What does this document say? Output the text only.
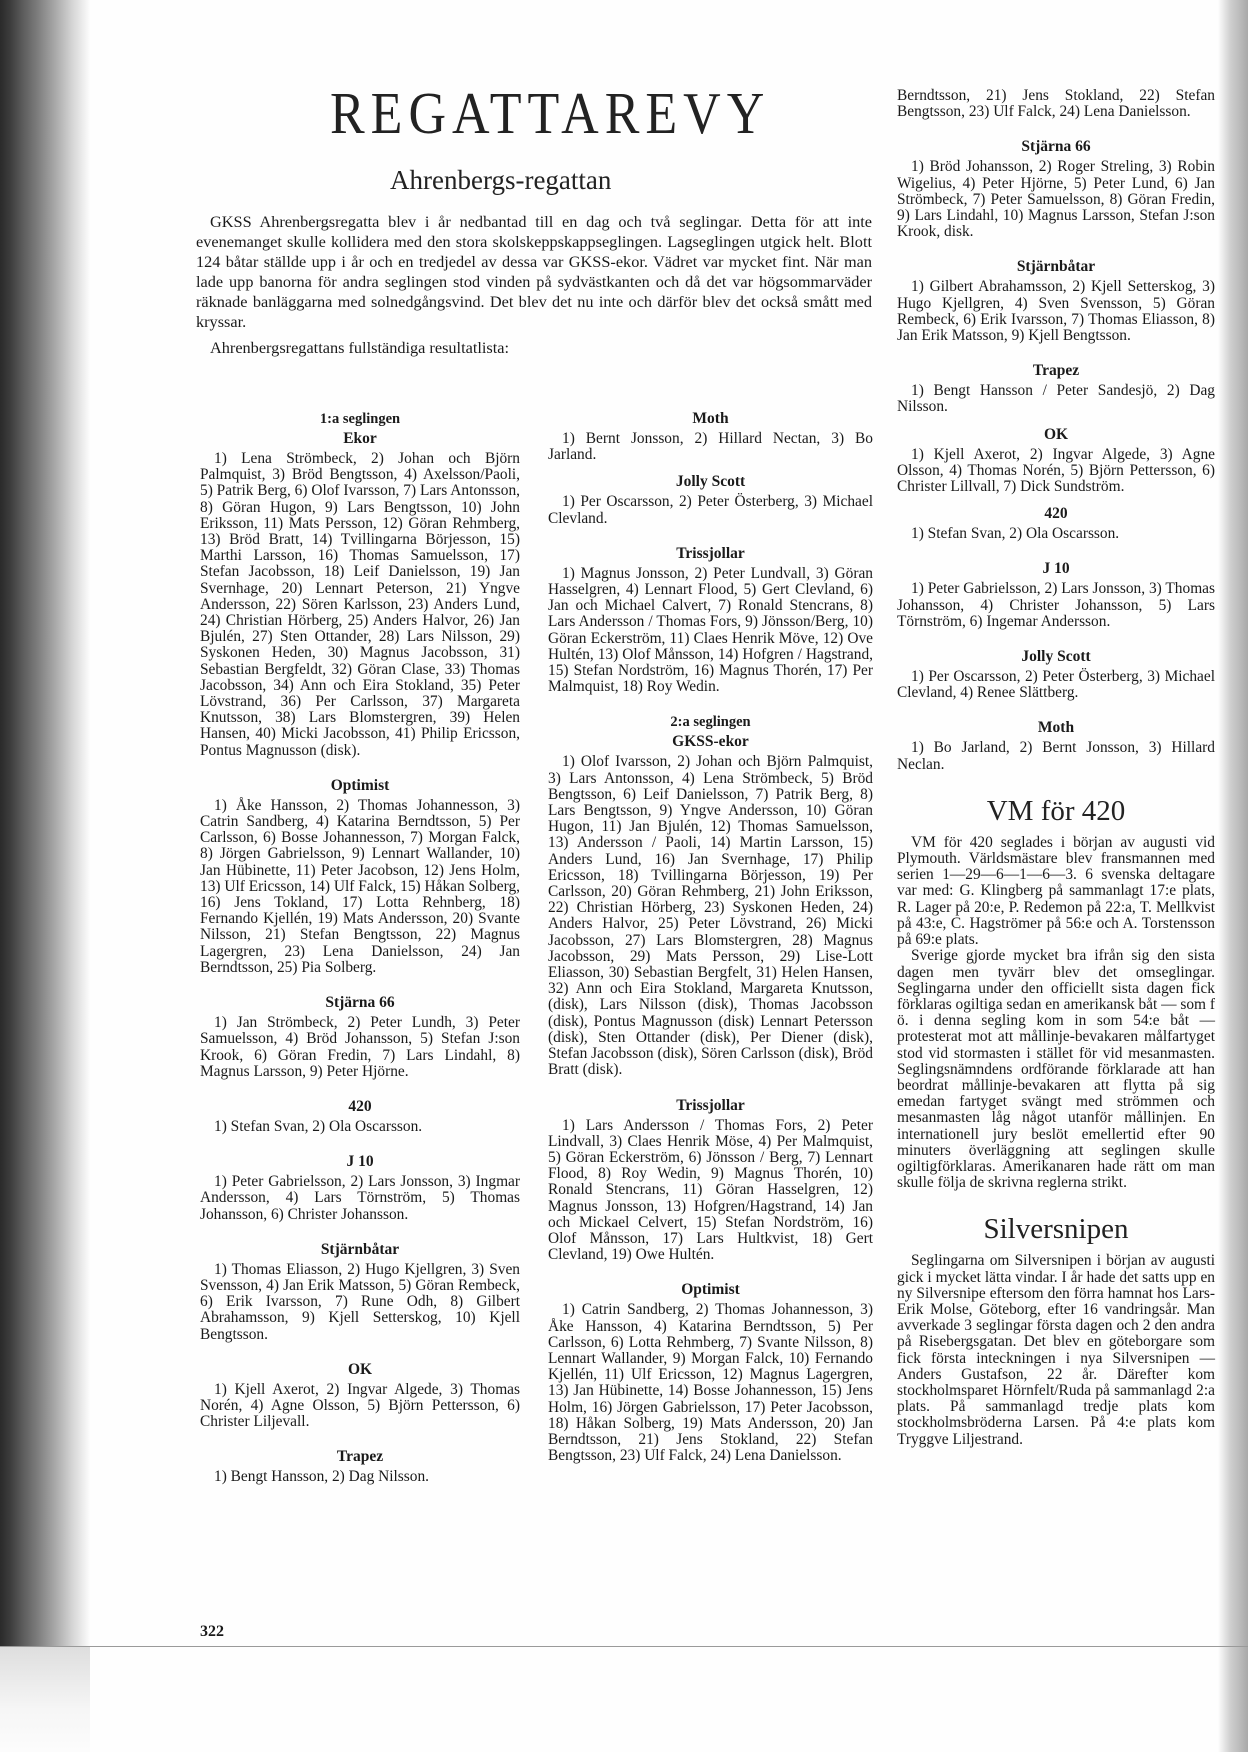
REGATTAREVY
Ahrenbergs-regattan

GKSS Ahrenbergsregatta blev i år nedbantad till en dag och två seglingar. Detta för att inte evenemanget skulle kollidera med den stora skolskeppskappseglingen. Lagseglingen utgick helt. Blott 124 båtar ställde upp i år och en tredjedel av dessa var GKSS-ekor. Vädret var mycket fint. När man lade upp banorna för andra seglingen stod vinden på sydvästkanten och då det var högsommarväder räknade banläggarna med solnedgångsvind. Det blev det nu inte och därför blev det också smått med kryssar.

Ahrenbergsregattans fullständiga resultatlista:

1:a seglingen
Ekor

1) Lena Strömbeck, 2) Johan och Björn Palmquist, 3) Bröd Bengtsson, 4) Axelsson/Paoli, 5) Patrik Berg, 6) Olof Ivarsson, 7) Lars Antonsson, 8) Göran Hugon, 9) Lars Bengtsson, 10) John Eriksson, 11) Mats Persson, 12) Göran Rehmberg, 13) Bröd Bratt, 14) Tvillingarna Börjesson, 15) Marthi Larsson, 16) Thomas Samuelsson, 17) Stefan Jacobsson, 18) Leif Danielsson, 19) Jan Svernhage, 20) Lennart Peterson, 21) Yngve Andersson, 22) Sören Karlsson, 23) Anders Lund, 24) Christian Hörberg, 25) Anders Halvor, 26) Jan Bjulén, 27) Sten Ottander, 28) Lars Nilsson, 29) Syskonen Heden, 30) Magnus Jacobsson, 31) Sebastian Bergfeldt, 32) Göran Clase, 33) Thomas Jacobsson, 34) Ann och Eira Stokland, 35) Peter Lövstrand, 36) Per Carlsson, 37) Margareta Knutsson, 38) Lars Blomstergren, 39) Helen Hansen, 40) Micki Jacobsson, 41) Philip Ericsson, Pontus Magnusson (disk).

Optimist

1) Åke Hansson, 2) Thomas Johannesson, 3) Catrin Sandberg, 4) Katarina Berndtsson, 5) Per Carlsson, 6) Bosse Johannesson, 7) Morgan Falck, 8) Jörgen Gabrielsson, 9) Lennart Wallander, 10) Jan Hübinette, 11) Peter Jacobson, 12) Jens Holm, 13) Ulf Ericsson, 14) Ulf Falck, 15) Håkan Solberg, 16) Jens Tokland, 17) Lotta Rehnberg, 18) Fernando Kjellén, 19) Mats Andersson, 20) Svante Nilsson, 21) Stefan Bengtsson, 22) Magnus Lagergren, 23) Lena Danielsson, 24) Jan Berndtsson, 25) Pia Solberg.

Stjärna 66

1) Jan Strömbeck, 2) Peter Lundh, 3) Peter Samuelsson, 4) Bröd Johansson, 5) Stefan J:son Krook, 6) Göran Fredin, 7) Lars Lindahl, 8) Magnus Larsson, 9) Peter Hjörne.

420

1) Stefan Svan, 2) Ola Oscarsson.

J 10

1) Peter Gabrielsson, 2) Lars Jonsson, 3) Ingmar Andersson, 4) Lars Törnström, 5) Thomas Johansson, 6) Christer Johansson.

Stjärnbåtar

1) Thomas Eliasson, 2) Hugo Kjellgren, 3) Sven Svensson, 4) Jan Erik Matsson, 5) Göran Rembeck, 6) Erik Ivarsson, 7) Rune Odh, 8) Gilbert Abrahamsson, 9) Kjell Setterskog, 10) Kjell Bengtsson.

OK

1) Kjell Axerot, 2) Ingvar Algede, 3) Thomas Norén, 4) Agne Olsson, 5) Björn Pettersson, 6) Christer Liljevall.

Trapez

1) Bengt Hansson, 2) Dag Nilsson.

Moth

1) Bernt Jonsson, 2) Hillard Nectan, 3) Bo Jarland.

Jolly Scott

1) Per Oscarsson, 2) Peter Österberg, 3) Michael Clevland.

Trissjollar

1) Magnus Jonsson, 2) Peter Lundvall, 3) Göran Hasselgren, 4) Lennart Flood, 5) Gert Clevland, 6) Jan och Michael Calvert, 7) Ronald Stencrans, 8) Lars Andersson / Thomas Fors, 9) Jönsson/Berg, 10) Göran Eckerström, 11) Claes Henrik Möve, 12) Ove Hultén, 13) Olof Månsson, 14) Hofgren / Hagstrand, 15) Stefan Nordström, 16) Magnus Thorén, 17) Per Malmquist, 18) Roy Wedin.

2:a seglingen
GKSS-ekor

1) Olof Ivarsson, 2) Johan och Björn Palmquist, 3) Lars Antonsson, 4) Lena Strömbeck, 5) Bröd Bengtsson, 6) Leif Danielsson, 7) Patrik Berg, 8) Lars Bengtsson, 9) Yngve Andersson, 10) Göran Hugon, 11) Jan Bjulén, 12) Thomas Samuelsson, 13) Andersson / Paoli, 14) Martin Larsson, 15) Anders Lund, 16) Jan Svernhage, 17) Philip Ericsson, 18) Tvillingarna Börjesson, 19) Per Carlsson, 20) Göran Rehmberg, 21) John Eriksson, 22) Christian Hörberg, 23) Syskonen Heden, 24) Anders Halvor, 25) Peter Lövstrand, 26) Micki Jacobsson, 27) Lars Blomstergren, 28) Magnus Jacobsson, 29) Mats Persson, 29) Lise-Lott Eliasson, 30) Sebastian Bergfelt, 31) Helen Hansen, 32) Ann och Eira Stokland, Margareta Knutsson, (disk), Lars Nilsson (disk), Thomas Jacobsson (disk), Pontus Magnusson (disk) Lennart Petersson (disk), Sten Ottander (disk), Per Diener (disk), Stefan Jacobsson (disk), Sören Carlsson (disk), Bröd Bratt (disk).

Trissjollar

1) Lars Andersson / Thomas Fors, 2) Peter Lindvall, 3) Claes Henrik Möse, 4) Per Malmquist, 5) Göran Eckerström, 6) Jönsson / Berg, 7) Lennart Flood, 8) Roy Wedin, 9) Magnus Thorén, 10) Ronald Stencrans, 11) Göran Hasselgren, 12) Magnus Jonsson, 13) Hofgren/Hagstrand, 14) Jan och Mickael Celvert, 15) Stefan Nordström, 16) Olof Månsson, 17) Lars Hultkvist, 18) Gert Clevland, 19) Owe Hultén.

Optimist

1) Catrin Sandberg, 2) Thomas Johannesson, 3) Åke Hansson, 4) Katarina Berndtsson, 5) Per Carlsson, 6) Lotta Rehmberg, 7) Svante Nilsson, 8) Lennart Wallander, 9) Morgan Falck, 10) Fernando Kjellén, 11) Ulf Ericsson, 12) Magnus Lagergren, 13) Jan Hübinette, 14) Bosse Johannesson, 15) Jens Holm, 16) Jörgen Gabrielsson, 17) Peter Jacobsson, 18) Håkan Solberg, 19) Mats Andersson, 20) Jan Berndtsson, 21) Jens Stokland, 22) Stefan Bengtsson, 23) Ulf Falck, 24) Lena Danielsson.

Berndtsson, 21) Jens Stokland, 22) Stefan Bengtsson, 23) Ulf Falck, 24) Lena Danielsson.

Stjärna 66

1) Bröd Johansson, 2) Roger Streling, 3) Robin Wigelius, 4) Peter Hjörne, 5) Peter Lund, 6) Jan Strömbeck, 7) Peter Samuelsson, 8) Göran Fredin, 9) Lars Lindahl, 10) Magnus Larsson, Stefan J:son Krook, disk.

Stjärnbåtar

1) Gilbert Abrahamsson, 2) Kjell Setterskog, 3) Hugo Kjellgren, 4) Sven Svensson, 5) Göran Rembeck, 6) Erik Ivarsson, 7) Thomas Eliasson, 8) Jan Erik Matsson, 9) Kjell Bengtsson.

Trapez

1) Bengt Hansson / Peter Sandesjö, 2) Dag Nilsson.

OK

1) Kjell Axerot, 2) Ingvar Algede, 3) Agne Olsson, 4) Thomas Norén, 5) Björn Pettersson, 6) Christer Lillvall, 7) Dick Sundström.

420

1) Stefan Svan, 2) Ola Oscarsson.

J 10

1) Peter Gabrielsson, 2) Lars Jonsson, 3) Thomas Johansson, 4) Christer Johansson, 5) Lars Törnström, 6) Ingemar Andersson.

Jolly Scott

1) Per Oscarsson, 2) Peter Österberg, 3) Michael Clevland, 4) Renee Slättberg.

Moth

1) Bo Jarland, 2) Bernt Jonsson, 3) Hillard Neclan.

VM för 420

VM för 420 seglades i början av augusti vid Plymouth. Världsmästare blev fransmannen med serien 1—29—6—1—6—3. 6 svenska deltagare var med: G. Klingberg på sammanlagt 17:e plats, R. Lager på 20:e, P. Redemon på 22:a, T. Mellkvist på 43:e, C. Hagströmer på 56:e och A. Torstensson på 69:e plats.

Sverige gjorde mycket bra ifrån sig den sista dagen men tyvärr blev det omseglingar. Seglingarna under den officiellt sista dagen fick förklaras ogiltiga sedan en amerikansk båt — som f ö. i denna segling kom in som 54:e båt — protesterat mot att mållinje-bevakaren målfartyget stod vid stormasten i stället för vid mesanmasten. Seglingsnämndens ordförande förklarade att han beordrat mållinje-bevakaren att flytta på sig emedan fartyget svängt med strömmen och mesanmasten låg något utanför mållinjen. En internationell jury beslöt emellertid efter 90 minuters överläggning att seglingen skulle ogiltigförklaras. Amerikanaren hade rätt om man skulle följa de skrivna reglerna strikt.

Silversnipen

Seglingarna om Silversnipen i början av augusti gick i mycket lätta vindar. I år hade det satts upp en ny Silversnipe eftersom den förra hamnat hos Lars-Erik Molse, Göteborg, efter 16 vandringsår. Man avverkade 3 seglingar första dagen och 2 den andra på Risebergsgatan. Det blev en göteborgare som fick första inteckningen i nya Silversnipen — Anders Gustafson, 22 år. Därefter kom stockholmsparet Hörnfelt/Ruda på sammanlagd 2:a plats. På sammanlagd tredje plats kom stockholmsbröderna Larsen. På 4:e plats kom Tryggve Liljestrand.

322
